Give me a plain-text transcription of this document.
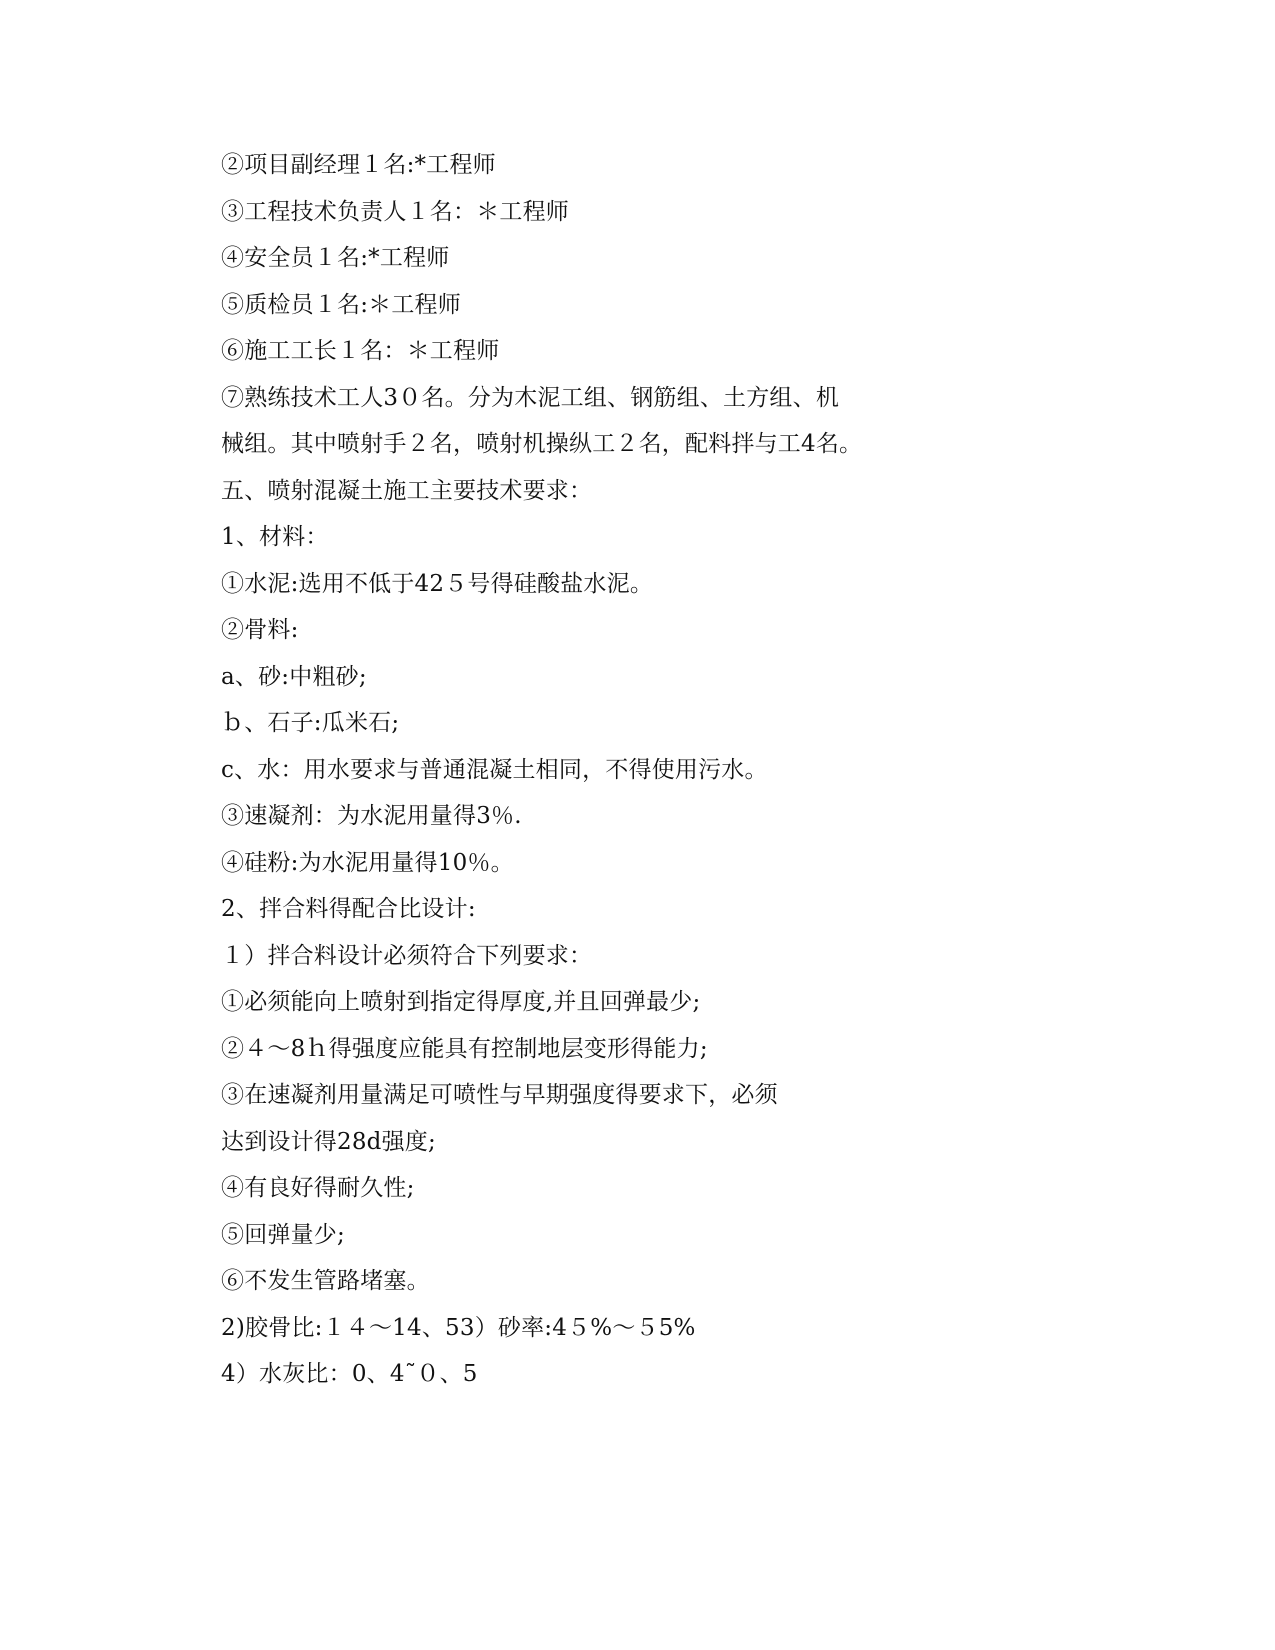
②项目副经理１名:*工程师
③工程技术负责人１名：＊工程师
④安全员１名:*工程师
⑤质检员１名:＊工程师
⑥施工工长１名：＊工程师
⑦熟练技术工人3０名。分为木泥工组、钢筋组、土方组、机
械组。其中喷射手２名，喷射机操纵工２名，配料拌与工4名。
五、喷射混凝土施工主要技术要求：
1、材料：
①水泥:选用不低于42５号得硅酸盐水泥。
②骨料:
a、砂:中粗砂;
ｂ、石子:瓜米石;
c、水：用水要求与普通混凝土相同，不得使用污水。
③速凝剂：为水泥用量得3％.
④硅粉:为水泥用量得10％。
2、拌合料得配合比设计:
１）拌合料设计必须符合下列要求：
①必须能向上喷射到指定得厚度,并且回弹最少;
②４～8ｈ得强度应能具有控制地层变形得能力;
③在速凝剂用量满足可喷性与早期强度得要求下，必须
达到设计得28d强度;
④有良好得耐久性;
⑤回弹量少;
⑥不发生管路堵塞。
2)胶骨比:１４～14、53）砂率:4５%～５5%
4）水灰比：0、4˜０、5
